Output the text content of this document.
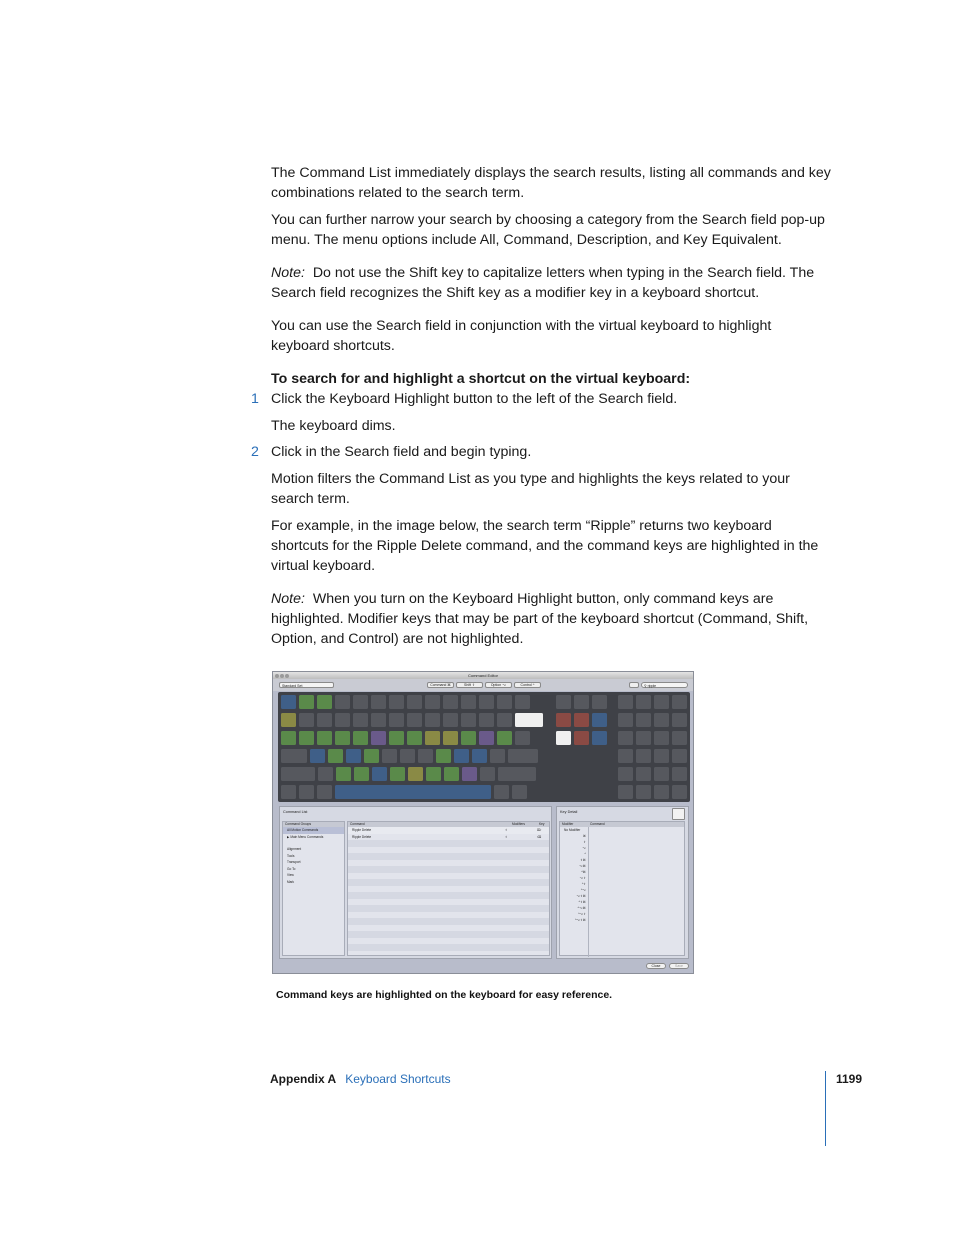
The Command List immediately displays the search results, listing all commands and key combinations related to the search term.

You can further narrow your search by choosing a category from the Search field pop-up menu. The menu options include All, Command, Description, and Key Equivalent.

Note: Do not use the Shift key to capitalize letters when typing in the Search field. The Search field recognizes the Shift key as a modifier key in a keyboard shortcut.

You can use the Search field in conjunction with the virtual keyboard to highlight keyboard shortcuts.

To search for and highlight a shortcut on the virtual keyboard:

1 Click the Keyboard Highlight button to the left of the Search field.

The keyboard dims.

2 Click in the Search field and begin typing.

Motion filters the Command List as you type and highlights the keys related to your search term.

For example, in the image below, the search term “Ripple” returns two keyboard shortcuts for the Ripple Delete command, and the command keys are highlighted in the virtual keyboard.

Note: When you turn on the Keyboard Highlight button, only command keys are highlighted. Modifier keys that may be part of the keyboard shortcut (Command, Shift, Option, and Control) are not highlighted.

Command Editor
Standard Set	Command ⌘	Shift ⇧	Option ⌥	Control ^	⚲ ripple
Command List
Command Groups
All Motion Commands
▶ Main Menu Commands
Alignment
Tools
Transport
Go To
View
Mark
Command	Modifiers	Key
Ripple Delete	⇧	⌦
Ripple Delete	⇧	⌫
Key Detail
Modifier	Command
No Modifier
⌘
⇧
⌥
^
⇧⌘
⌥⌘
^⌘
⌥⇧
^⇧
^⌥
⌥⇧⌘
^⇧⌘
^⌥⌘
^⌥⇧
^⌥⇧⌘
Close	Save
Command keys are highlighted on the keyboard for easy reference.
Appendix A Keyboard Shortcuts	1199
